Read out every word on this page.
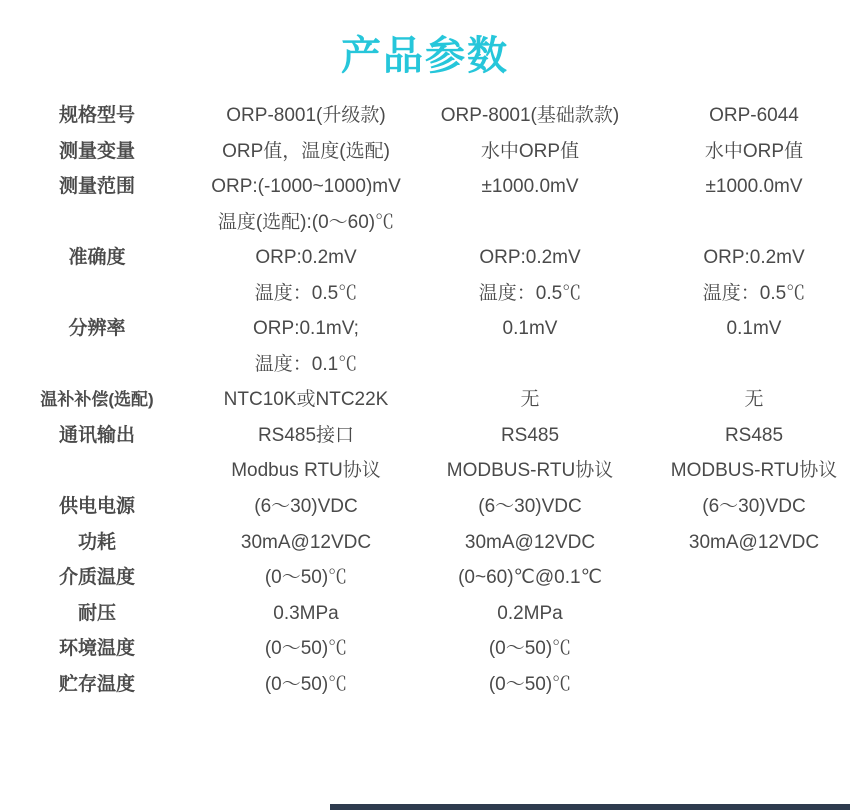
产品参数
规格型号	ORP-8001(升级款)	ORP-8001(基础款款)	ORP-6044
测量变量	ORP值，温度(选配)	水中ORP值	水中ORP值
测量范围	ORP:(-1000~1000)mV	±1000.0mV	±1000.0mV
	温度(选配):(0～60)℃		
准确度	ORP:0.2mV	ORP:0.2mV	ORP:0.2mV
	温度：0.5℃	温度：0.5℃	温度：0.5℃
分辨率	ORP:0.1mV;	0.1mV	0.1mV
	温度：0.1℃		
温补补偿(选配)	NTC10K或NTC22K	无	无
通讯输出	RS485接口	RS485	RS485
	Modbus RTU协议	MODBUS-RTU协议	MODBUS-RTU协议
供电电源	(6～30)VDC	(6～30)VDC	(6～30)VDC
功耗	30mA@12VDC	30mA@12VDC	30mA@12VDC
介质温度	(0～50)℃	(0~60)℃@0.1℃	
耐压	0.3MPa	0.2MPa	
环境温度	(0～50)℃	(0～50)℃	
贮存温度	(0～50)℃	(0～50)℃	
